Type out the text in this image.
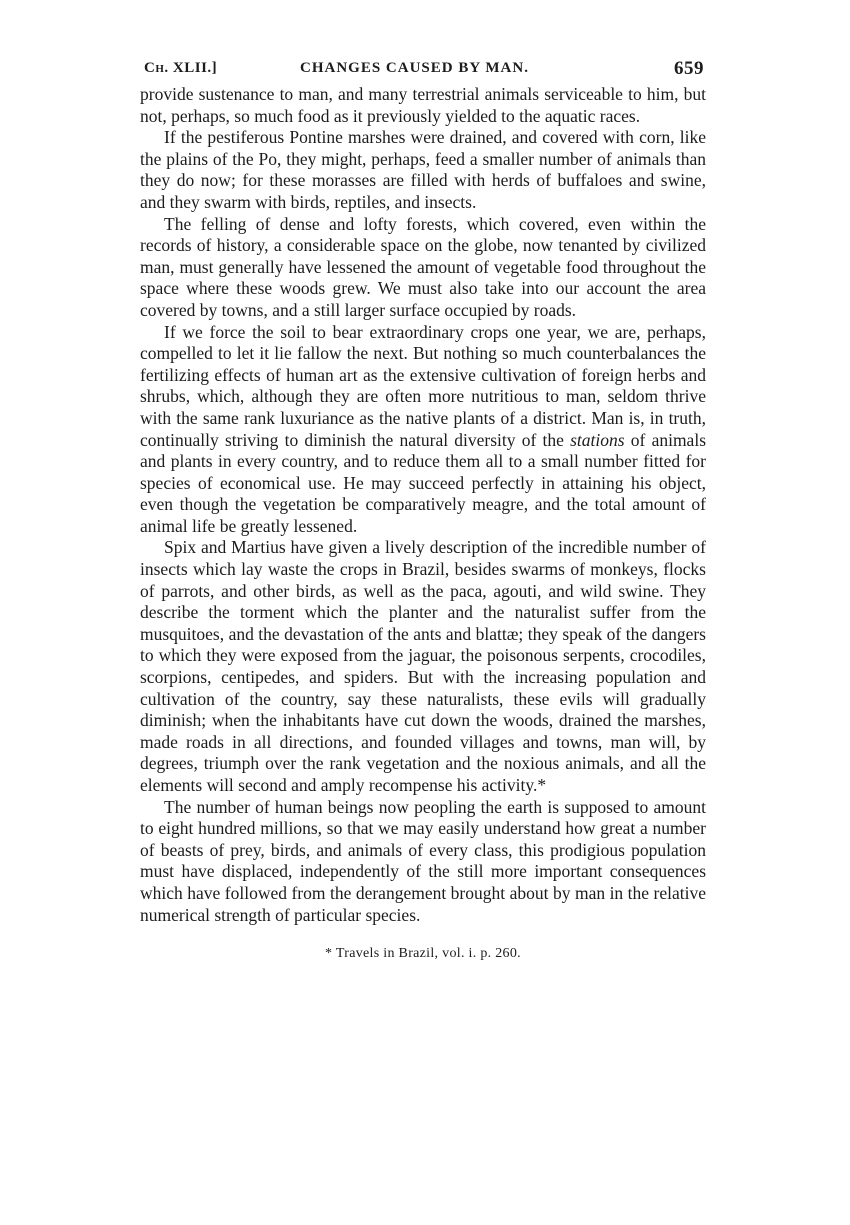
Ch. XLII.]	CHANGES CAUSED BY MAN.	659

provide sustenance to man, and many terrestrial animals serviceable to him, but not, perhaps, so much food as it previously yielded to the aquatic races.

If the pestiferous Pontine marshes were drained, and covered with corn, like the plains of the Po, they might, perhaps, feed a smaller number of animals than they do now; for these morasses are filled with herds of buffaloes and swine, and they swarm with birds, reptiles, and insects.

The felling of dense and lofty forests, which covered, even within the records of history, a considerable space on the globe, now tenanted by civilized man, must generally have lessened the amount of vegetable food throughout the space where these woods grew. We must also take into our account the area covered by towns, and a still larger surface occupied by roads.

If we force the soil to bear extraordinary crops one year, we are, perhaps, compelled to let it lie fallow the next. But nothing so much counterbalances the fertilizing effects of human art as the extensive cultivation of foreign herbs and shrubs, which, although they are often more nutritious to man, seldom thrive with the same rank luxuriance as the native plants of a district. Man is, in truth, continually striving to diminish the natural diversity of the stations of animals and plants in every country, and to reduce them all to a small number fitted for species of economical use. He may succeed perfectly in attaining his object, even though the vegetation be comparatively meagre, and the total amount of animal life be greatly lessened.

Spix and Martius have given a lively description of the incredible number of insects which lay waste the crops in Brazil, besides swarms of monkeys, flocks of parrots, and other birds, as well as the paca, agouti, and wild swine. They describe the torment which the planter and the naturalist suffer from the musquitoes, and the devastation of the ants and blattæ; they speak of the dangers to which they were exposed from the jaguar, the poisonous serpents, crocodiles, scorpions, centipedes, and spiders. But with the increasing population and cultivation of the country, say these naturalists, these evils will gradually diminish; when the inhabitants have cut down the woods, drained the marshes, made roads in all directions, and founded villages and towns, man will, by degrees, triumph over the rank vegetation and the noxious animals, and all the elements will second and amply recompense his activity.*

The number of human beings now peopling the earth is supposed to amount to eight hundred millions, so that we may easily understand how great a number of beasts of prey, birds, and animals of every class, this prodigious population must have displaced, independently of the still more important consequences which have followed from the derangement brought about by man in the relative numerical strength of particular species.

* Travels in Brazil, vol. i. p. 260.
